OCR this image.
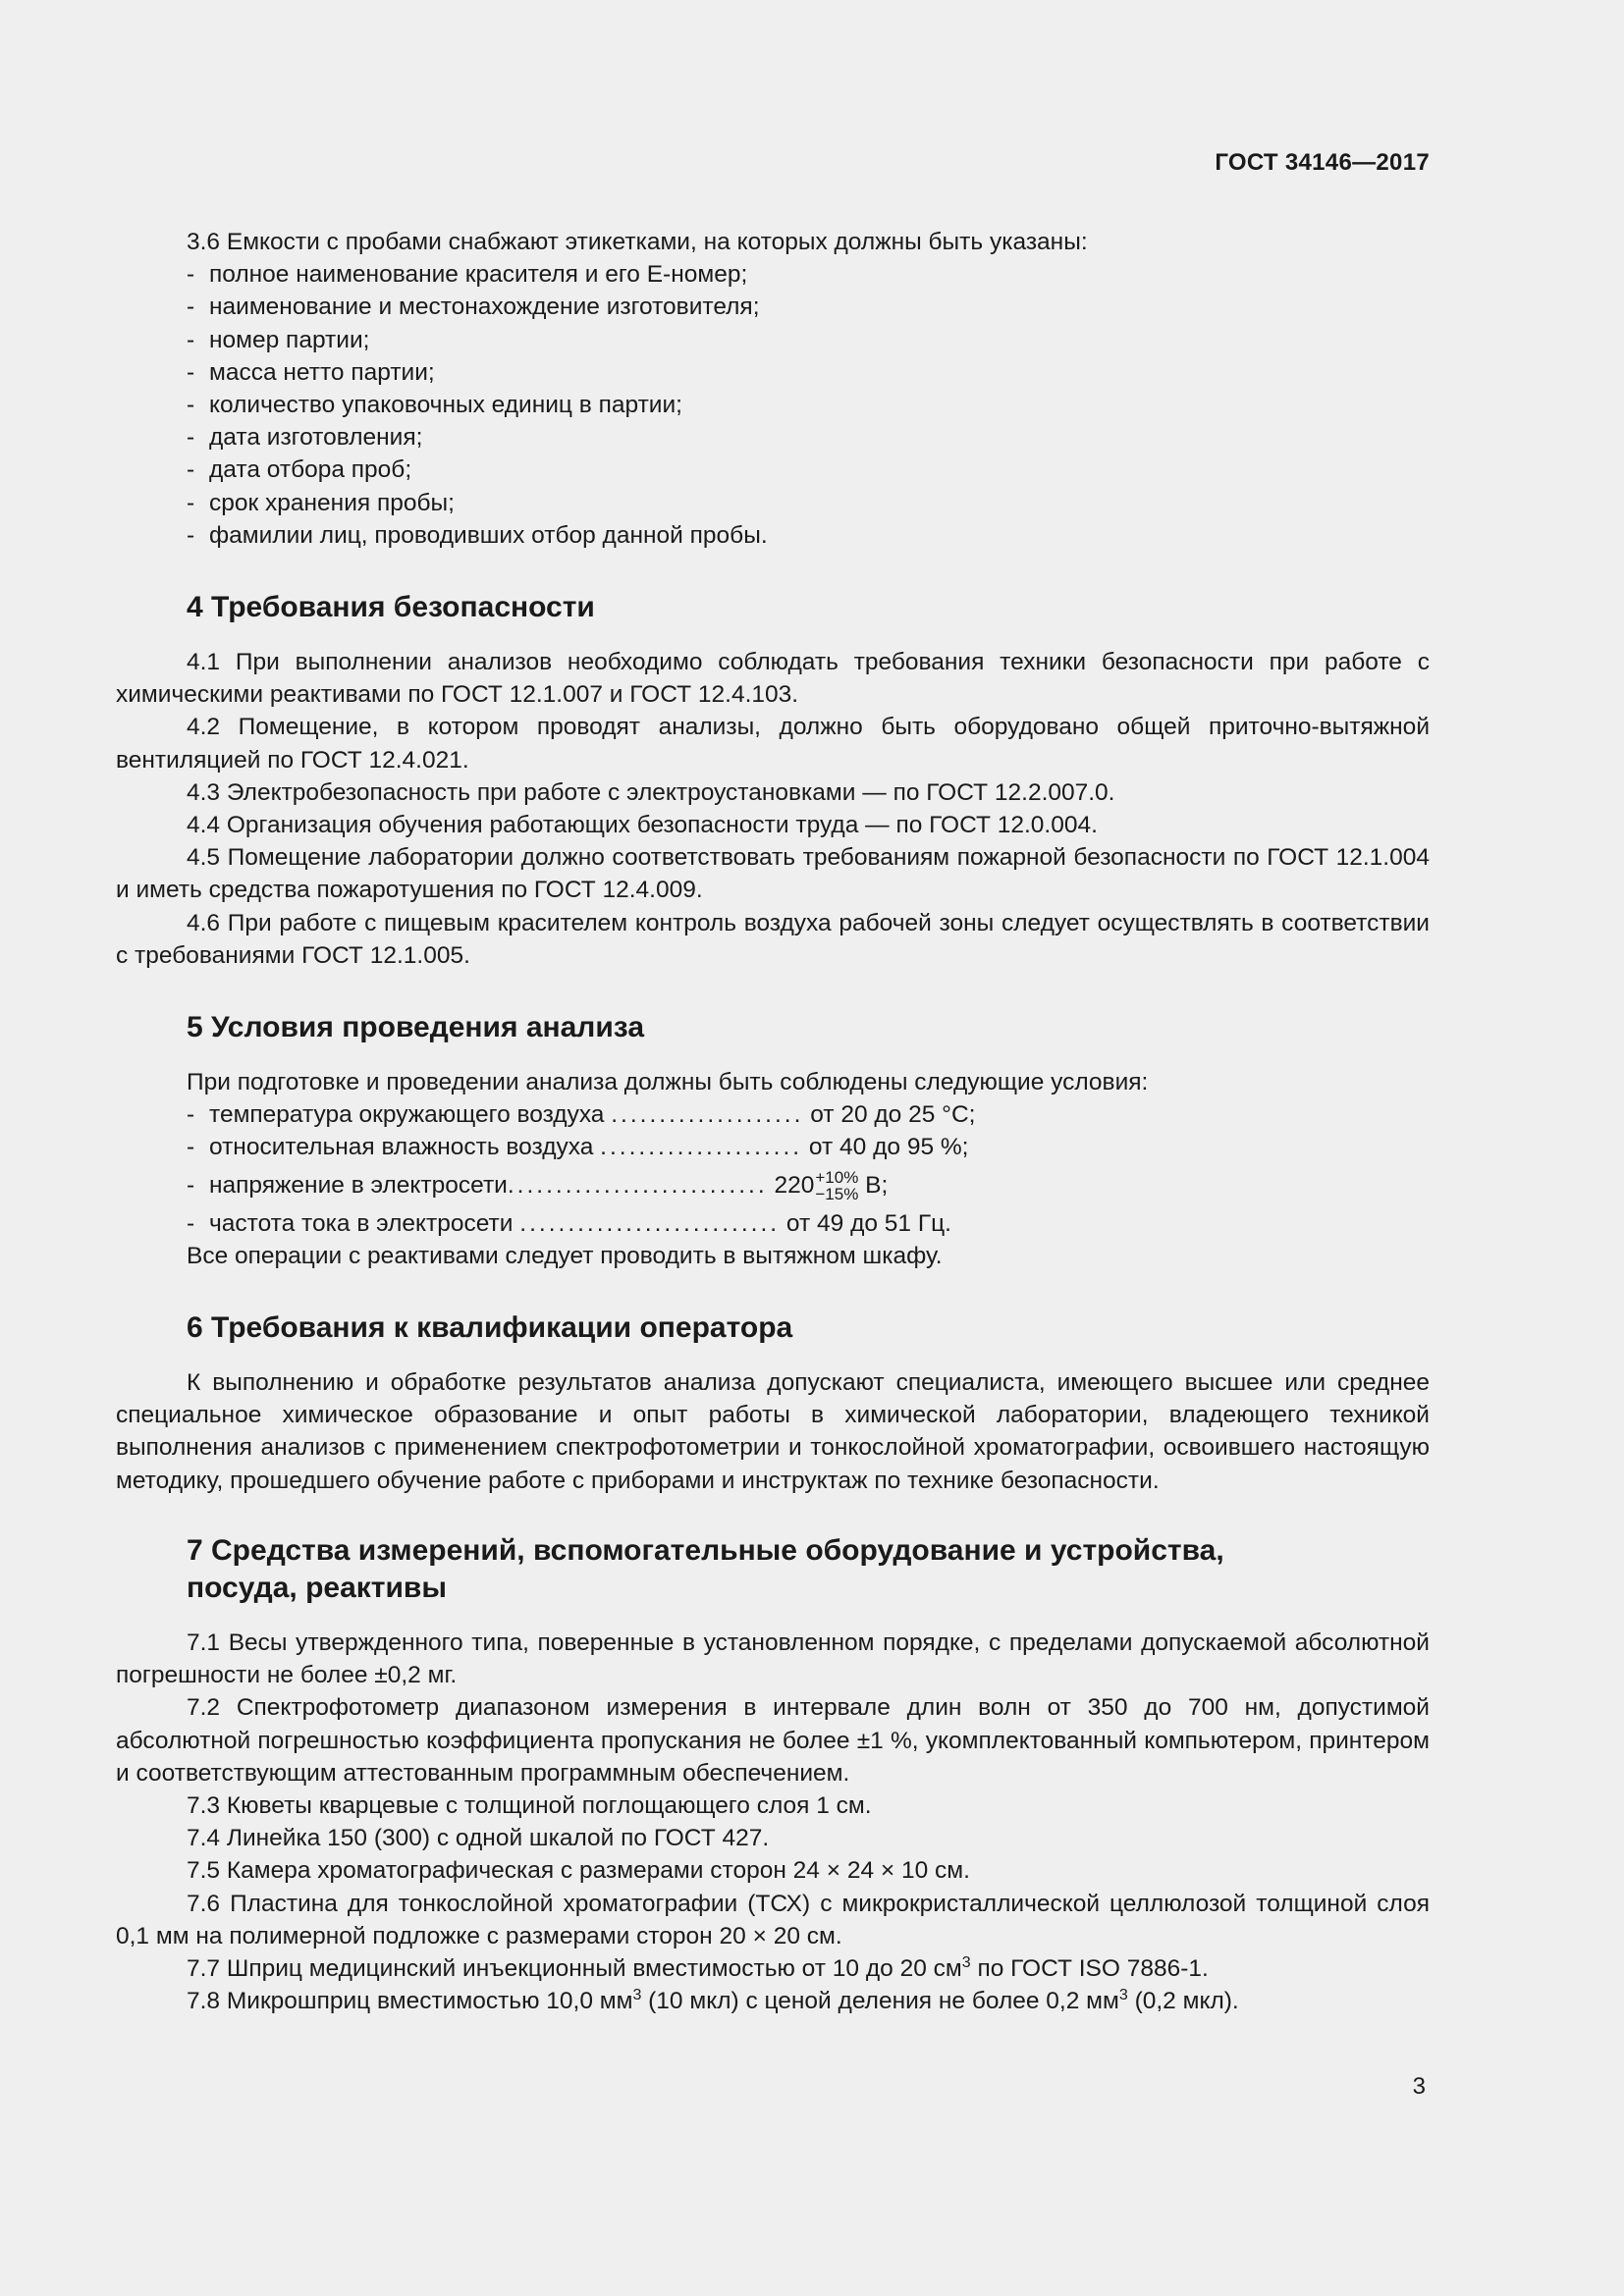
ГОСТ 34146—2017

3.6 Емкости с пробами снабжают этикетками, на которых должны быть указаны:

- полное наименование красителя и его Е-номер;
- наименование и местонахождение изготовителя;
- номер партии;
- масса нетто партии;
- количество упаковочных единиц в партии;
- дата изготовления;
- дата отбора проб;
- срок хранения пробы;
- фамилии лиц, проводивших отбор данной пробы.
4 Требования безопасности

4.1 При выполнении анализов необходимо соблюдать требования техники безопасности при работе с химическими реактивами по ГОСТ 12.1.007 и ГОСТ 12.4.103.

4.2 Помещение, в котором проводят анализы, должно быть оборудовано общей приточно-вытяжной вентиляцией по ГОСТ 12.4.021.

4.3 Электробезопасность при работе с электроустановками — по ГОСТ 12.2.007.0.

4.4 Организация обучения работающих безопасности труда — по ГОСТ 12.0.004.

4.5 Помещение лаборатории должно соответствовать требованиям пожарной безопасности по ГОСТ 12.1.004 и иметь средства пожаротушения по ГОСТ 12.4.009.

4.6 При работе с пищевым красителем контроль воздуха рабочей зоны следует осуществлять в соответствии с требованиями ГОСТ 12.1.005.

5 Условия проведения анализа

При подготовке и проведении анализа должны быть соблюдены следующие условия:

- температура окружающего воздуха .................... от 20 до 25 °С;
- относительная влажность воздуха ..................... от 40 до 95 %;
- напряжение в электросети........................... 220 +10%
−15% В;
- частота тока в электросети ........................... от 49 до 51 Гц.

Все операции с реактивами следует проводить в вытяжном шкафу.

6 Требования к квалификации оператора

К выполнению и обработке результатов анализа допускают специалиста, имеющего высшее или среднее специальное химическое образование и опыт работы в химической лаборатории, владеющего техникой выполнения анализов с применением спектрофотометрии и тонкослойной хроматографии, освоившего настоящую методику, прошедшего обучение работе с приборами и инструктаж по технике безопасности.

7 Средства измерений, вспомогательные оборудование и устройства,
посуда, реактивы

7.1 Весы утвержденного типа, поверенные в установленном порядке, с пределами допускаемой абсолютной погрешности не более ±0,2 мг.

7.2 Спектрофотометр диапазоном измерения в интервале длин волн от 350 до 700 нм, допустимой абсолютной погрешностью коэффициента пропускания не более ±1 %, укомплектованный компьютером, принтером и соответствующим аттестованным программным обеспечением.

7.3 Кюветы кварцевые с толщиной поглощающего слоя 1 см.

7.4 Линейка 150 (300) с одной шкалой по ГОСТ 427.

7.5 Камера хроматографическая с размерами сторон 24 × 24 × 10 см.

7.6 Пластина для тонкослойной хроматографии (ТСХ) с микрокристаллической целлюлозой толщиной слоя 0,1 мм на полимерной подложке с размерами сторон 20 × 20 см.

7.7 Шприц медицинский инъекционный вместимостью от 10 до 20 $см^3$ по ГОСТ ISO 7886-1.

7.8 Микрошприц вместимостью 10,0 $мм^3$ (10 мкл) с ценой деления не более 0,2 $мм^3$ (0,2 мкл).

3
